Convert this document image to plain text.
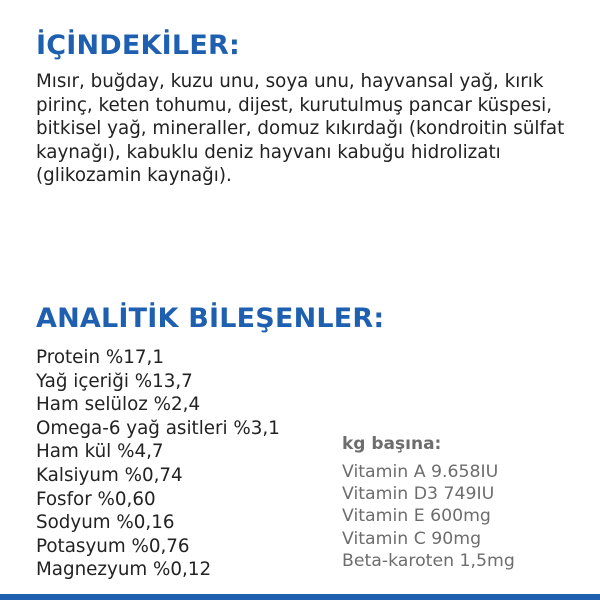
İÇİNDEKİLER:

Mısır, buğday, kuzu unu, soya unu, hayvansal yağ, kırık pirinç, keten tohumu, dijest, kurutulmuş pancar küspesi, bitkisel yağ, mineraller, domuz kıkırdağı (kondroitin sülfat kaynağı), kabuklu deniz hayvanı kabuğu hidrolizatı (glikozamin kaynağı).

ANALİTİK BİLEŞENLER:
Protein %17,1
Yağ içeriği %13,7
Ham selüloz %2,4
Omega-6 yağ asitleri %3,1
Ham kül %4,7
Kalsiyum %0,74
Fosfor %0,60
Sodyum %0,16
Potasyum %0,76
Magnezyum %0,12
kg başına:
Vitamin A 9.658IU
Vitamin D3 749IU
Vitamin E 600mg
Vitamin C 90mg
Beta-karoten 1,5mg
